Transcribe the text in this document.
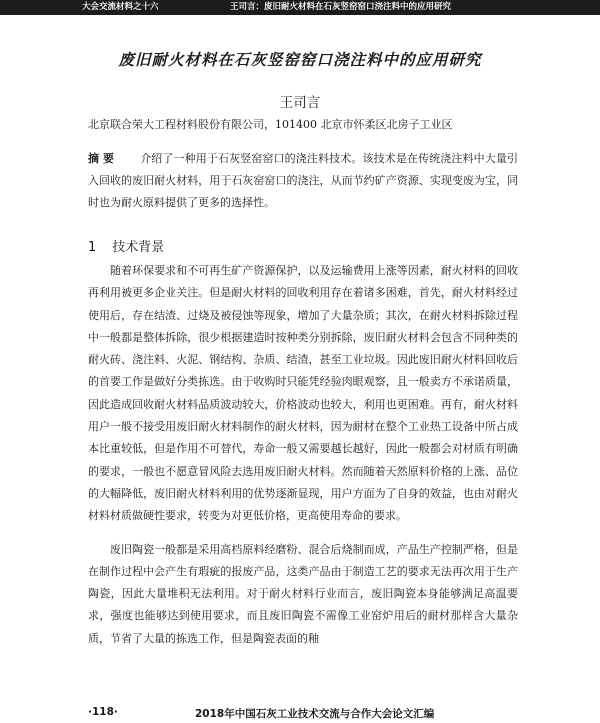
大会交流材料之十六	王司言：废旧耐火材料在石灰竖窑窑口浇注料中的应用研究
废旧耐火材料在石灰竖窑窑口浇注料中的应用研究
王司言
北京联合荣大工程材料股份有限公司，101400 北京市怀柔区北房子工业区
摘 要 介绍了一种用于石灰竖窑窑口的浇注料技术。该技术是在传统浇注料中大量引入回收的废旧耐火材料，用于石灰窑窑口的浇注，从而节约矿产资源、实现变废为宝，同时也为耐火原料提供了更多的选择性。
1 技术背景

随着环保要求和不可再生矿产资源保护，以及运输费用上涨等因素，耐火材料的回收再利用被更多企业关注。但是耐火材料的回收利用存在着诸多困难，首先，耐火材料经过使用后，存在结渣、过烧及被侵蚀等现象，增加了大量杂质；其次，在耐火材料拆除过程中一般都是整体拆除，很少根据建造时按种类分别拆除，废旧耐火材料会包含不同种类的耐火砖、浇注料、火泥、钢结构、杂质、结渣，甚至工业垃圾。因此废旧耐火材料回收后的首要工作是做好分类拣选。由于收购时只能凭经验肉眼观察，且一般卖方不承诺质量，因此造成回收耐火材料品质波动较大，价格波动也较大，利用也更困难。再有，耐火材料用户一般不接受用废旧耐火材料制作的耐火材料，因为耐材在整个工业热工设备中所占成本比重较低，但是作用不可替代，寿命一般又需要越长越好，因此一般都会对材质有明确的要求，一般也不愿意冒风险去选用废旧耐火材料。然而随着天然原料价格的上涨、品位的大幅降低，废旧耐火材料利用的优势逐渐显现，用户方面为了自身的效益，也由对耐火材料材质做硬性要求，转变为对更低价格，更高使用寿命的要求。

废旧陶瓷一般都是采用高档原料经磨粉、混合后烧制而成，产品生产控制严格，但是在制作过程中会产生有瑕疵的报废产品，这类产品由于制造工艺的要求无法再次用于生产陶瓷，因此大量堆积无法利用。对于耐火材料行业而言，废旧陶瓷本身能够满足高温要求，强度也能够达到使用要求，而且废旧陶瓷不需像工业窑炉用后的耐材那样含大量杂质，节省了大量的拣选工作，但是陶瓷表面的釉

·118·	2018年中国石灰工业技术交流与合作大会论文汇编
